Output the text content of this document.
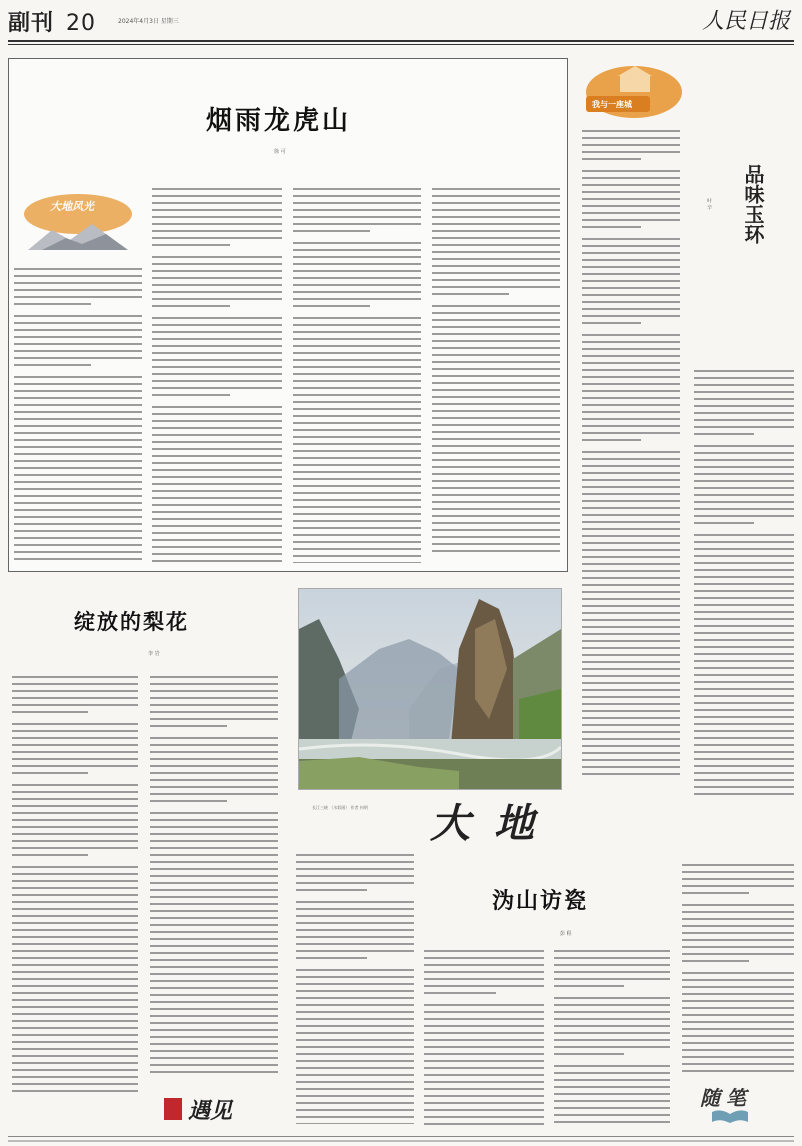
副刊 20	2024年4月3日 星期三	人民日报
烟雨龙虎山
徐 可
大地风光
我与一座城
品味玉环
叶 辛
绽放的梨花
李 岩
长江三峡 （水彩画） 作者 何明	大地
沩山访瓷
彭 程
遇见	随笔
